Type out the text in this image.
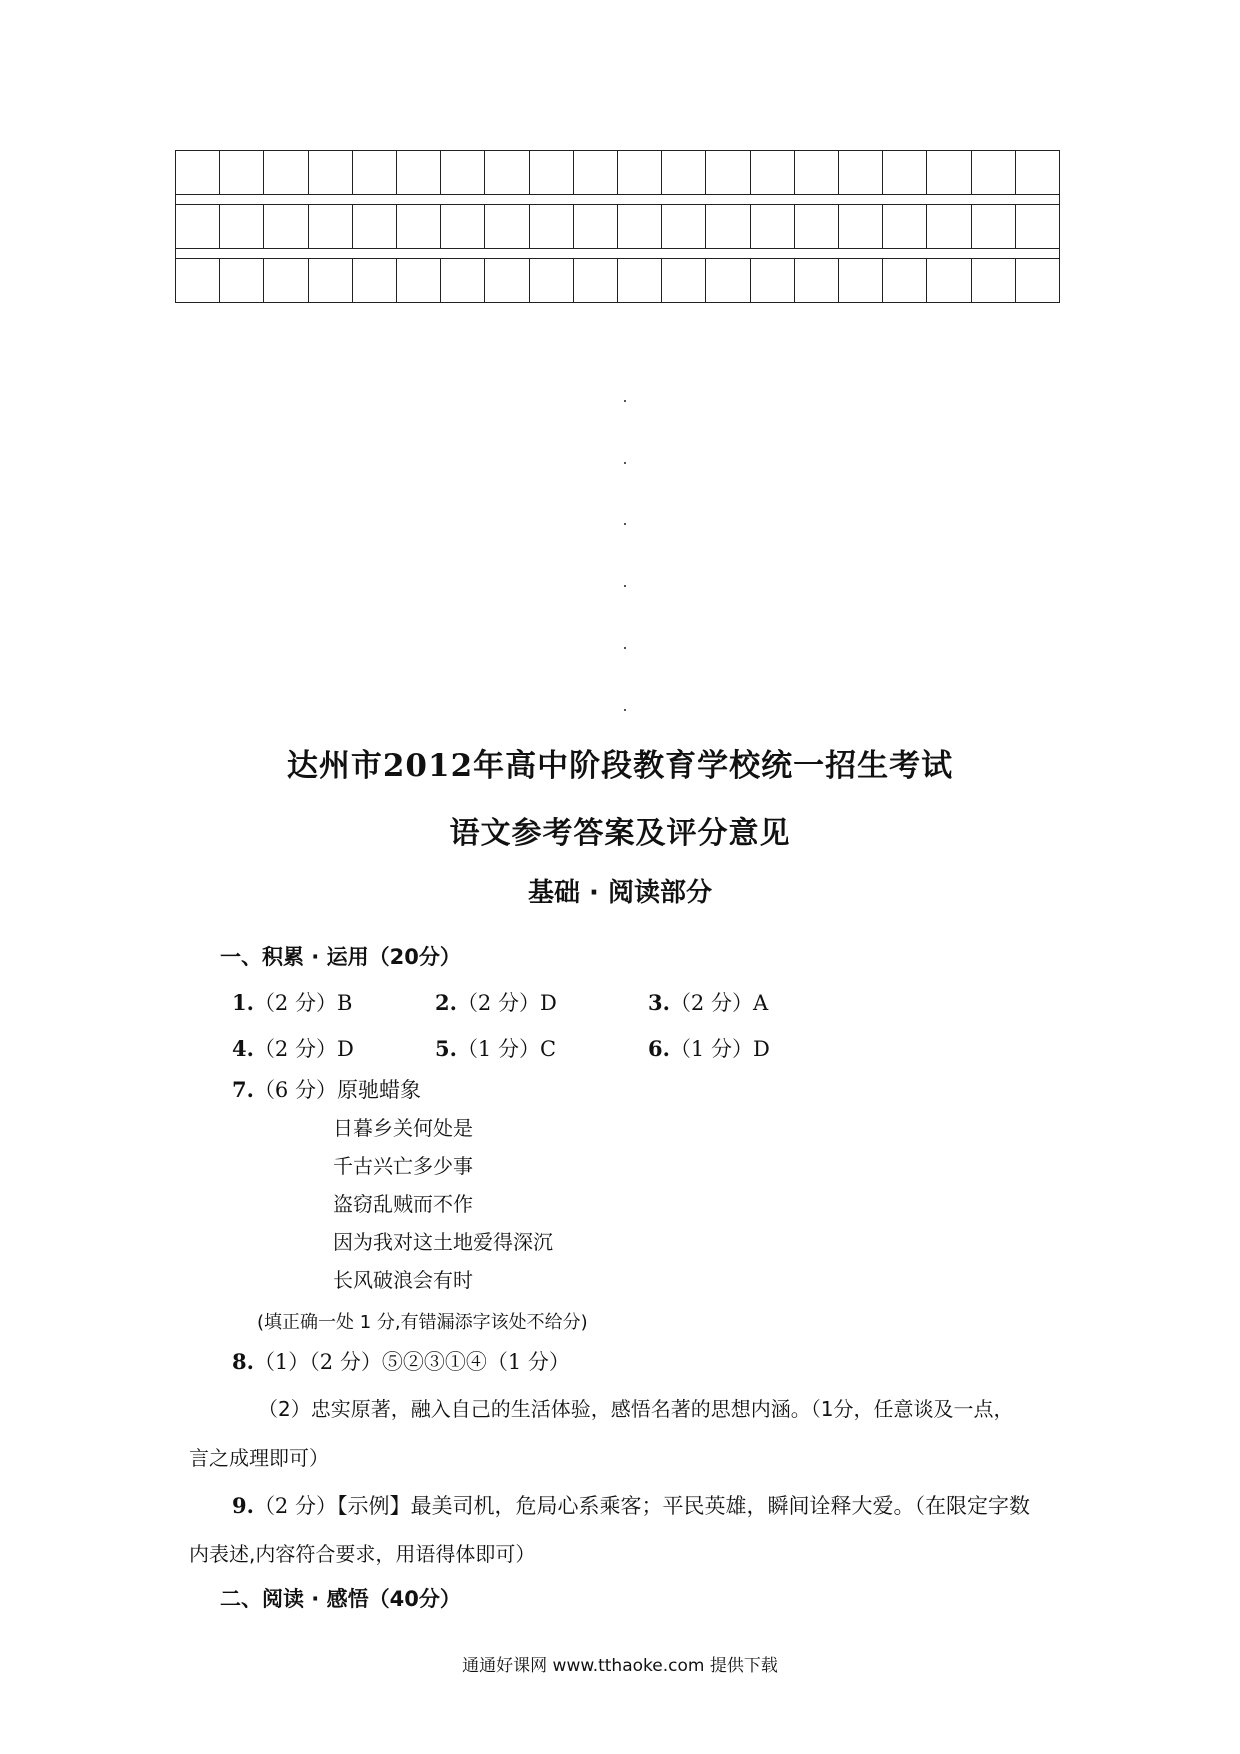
达州市2012年高中阶段教育学校统一招生考试
语文参考答案及评分意见
基础 · 阅读部分
一、积累 · 运用（20分）
1.（2 分）B	2.（2 分）D	3.（2 分）A
4.（2 分）D	5.（1 分）C	6.（1 分）D
7.（6 分）原驰蜡象
日暮乡关何处是
千古兴亡多少事
盗窃乱贼而不作
因为我对这土地爱得深沉
长风破浪会有时
(填正确一处 1 分,有错漏添字该处不给分)
8.（1）（2 分）⑤②③①④（1 分）
（2）忠实原著，融入自己的生活体验，感悟名著的思想内涵。（1分，任意谈及一点，
言之成理即可）
9.（2 分）【示例】最美司机，危局心系乘客；平民英雄，瞬间诠释大爱。（在限定字数
内表述,内容符合要求，用语得体即可）
二、阅读 · 感悟（40分）
通通好课网 www.tthaoke.com 提供下载
